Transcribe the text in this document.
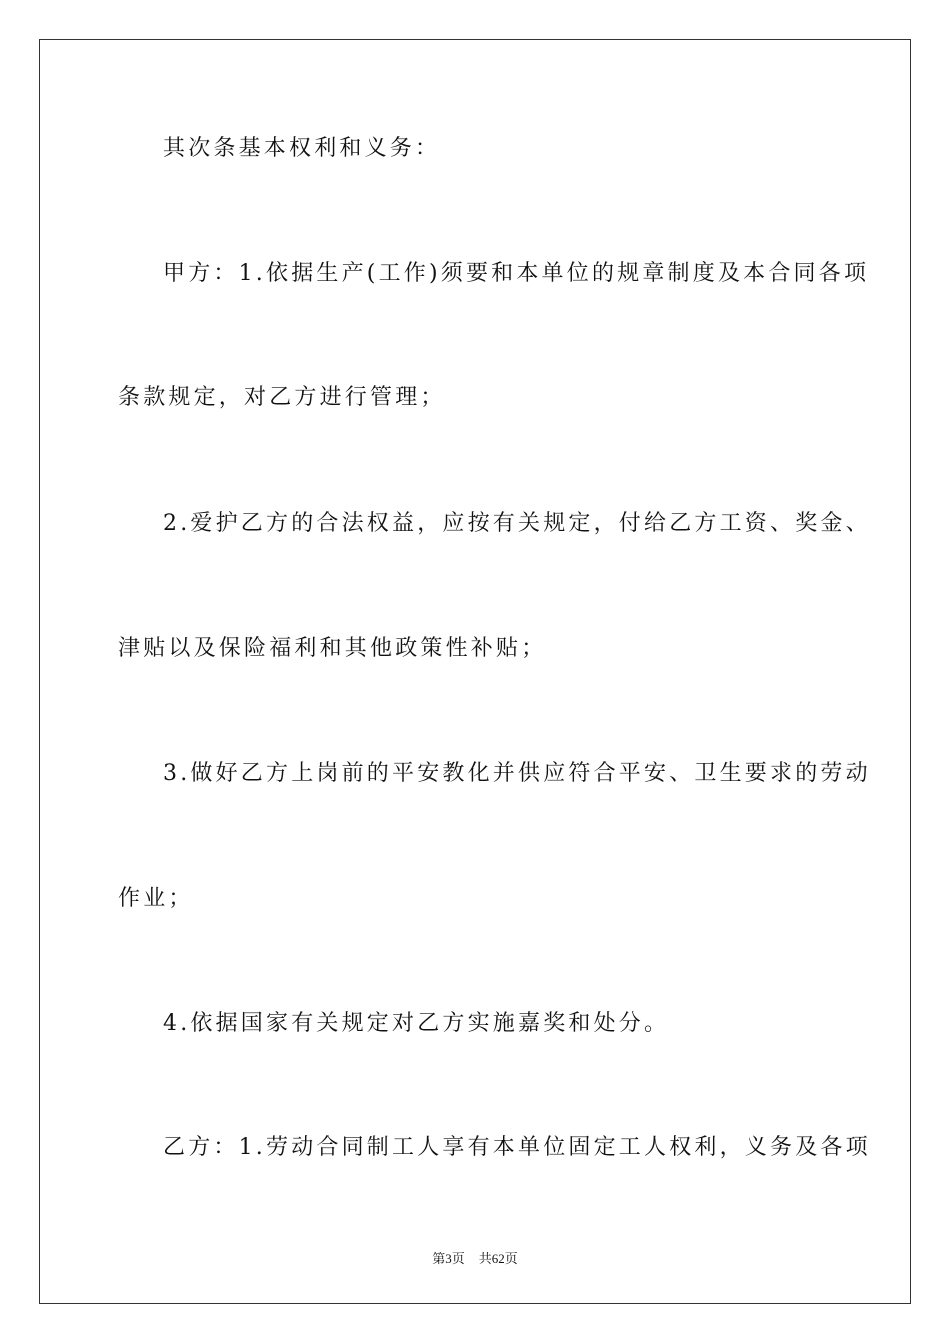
其次条基本权利和义务：
甲方：1.依据生产(工作)须要和本单位的规章制度及本合同各项
条款规定，对乙方进行管理；
2.爱护乙方的合法权益，应按有关规定，付给乙方工资、奖金、
津贴以及保险福利和其他政策性补贴；
3.做好乙方上岗前的平安教化并供应符合平安、卫生要求的劳动
作业；
4.依据国家有关规定对乙方实施嘉奖和处分。
乙方：1.劳动合同制工人享有本单位固定工人权利，义务及各项
第3页 共62页
